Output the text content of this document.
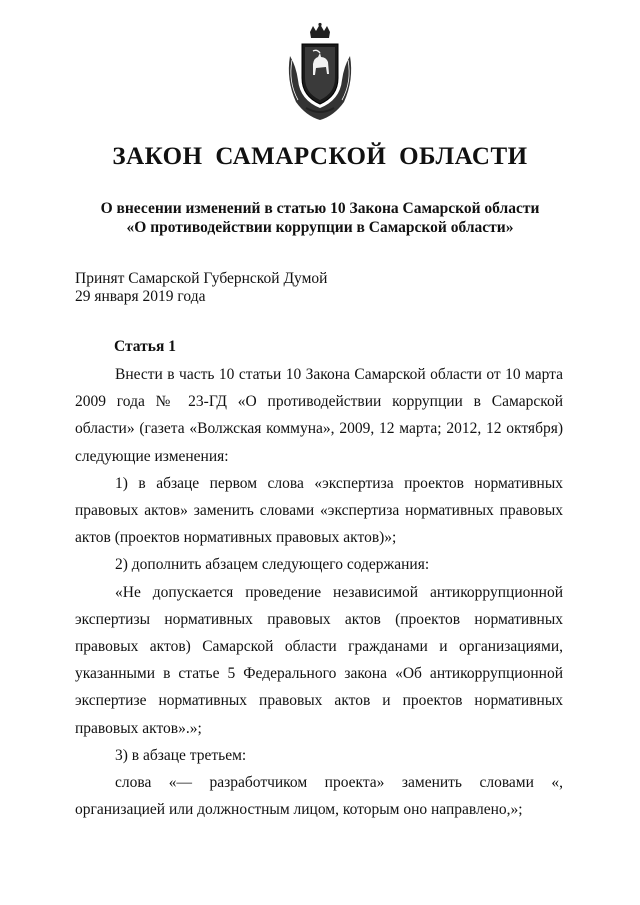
ЗАКОН САМАРСКОЙ ОБЛАСТИ
О внесении изменений в статью 10 Закона Самарской области
«О противодействии коррупции в Самарской области»
Принят Самарской Губернской Думой
29 января 2019 года
Статья 1

Внести в часть 10 статьи 10 Закона Самарской области от 10 марта 2009 года № 23-ГД «О противодействии коррупции в Самарской области» (газета «Волжская коммуна», 2009, 12 марта; 2012, 12 октября) следующие изменения:

1) в абзаце первом слова «экспертиза проектов нормативных правовых актов» заменить словами «экспертиза нормативных правовых актов (проектов нормативных правовых актов)»;

2) дополнить абзацем следующего содержания:

«Не допускается проведение независимой антикоррупционной экспертизы нормативных правовых актов (проектов нормативных правовых актов) Самарской области гражданами и организациями, указанными в статье 5 Федерального закона «Об антикоррупционной экспертизе нормативных правовых актов и проектов нормативных правовых актов».»;

3) в абзаце третьем:

слова «— разработчиком проекта» заменить словами «, организацией или должностным лицом, которым оно направлено,»;
